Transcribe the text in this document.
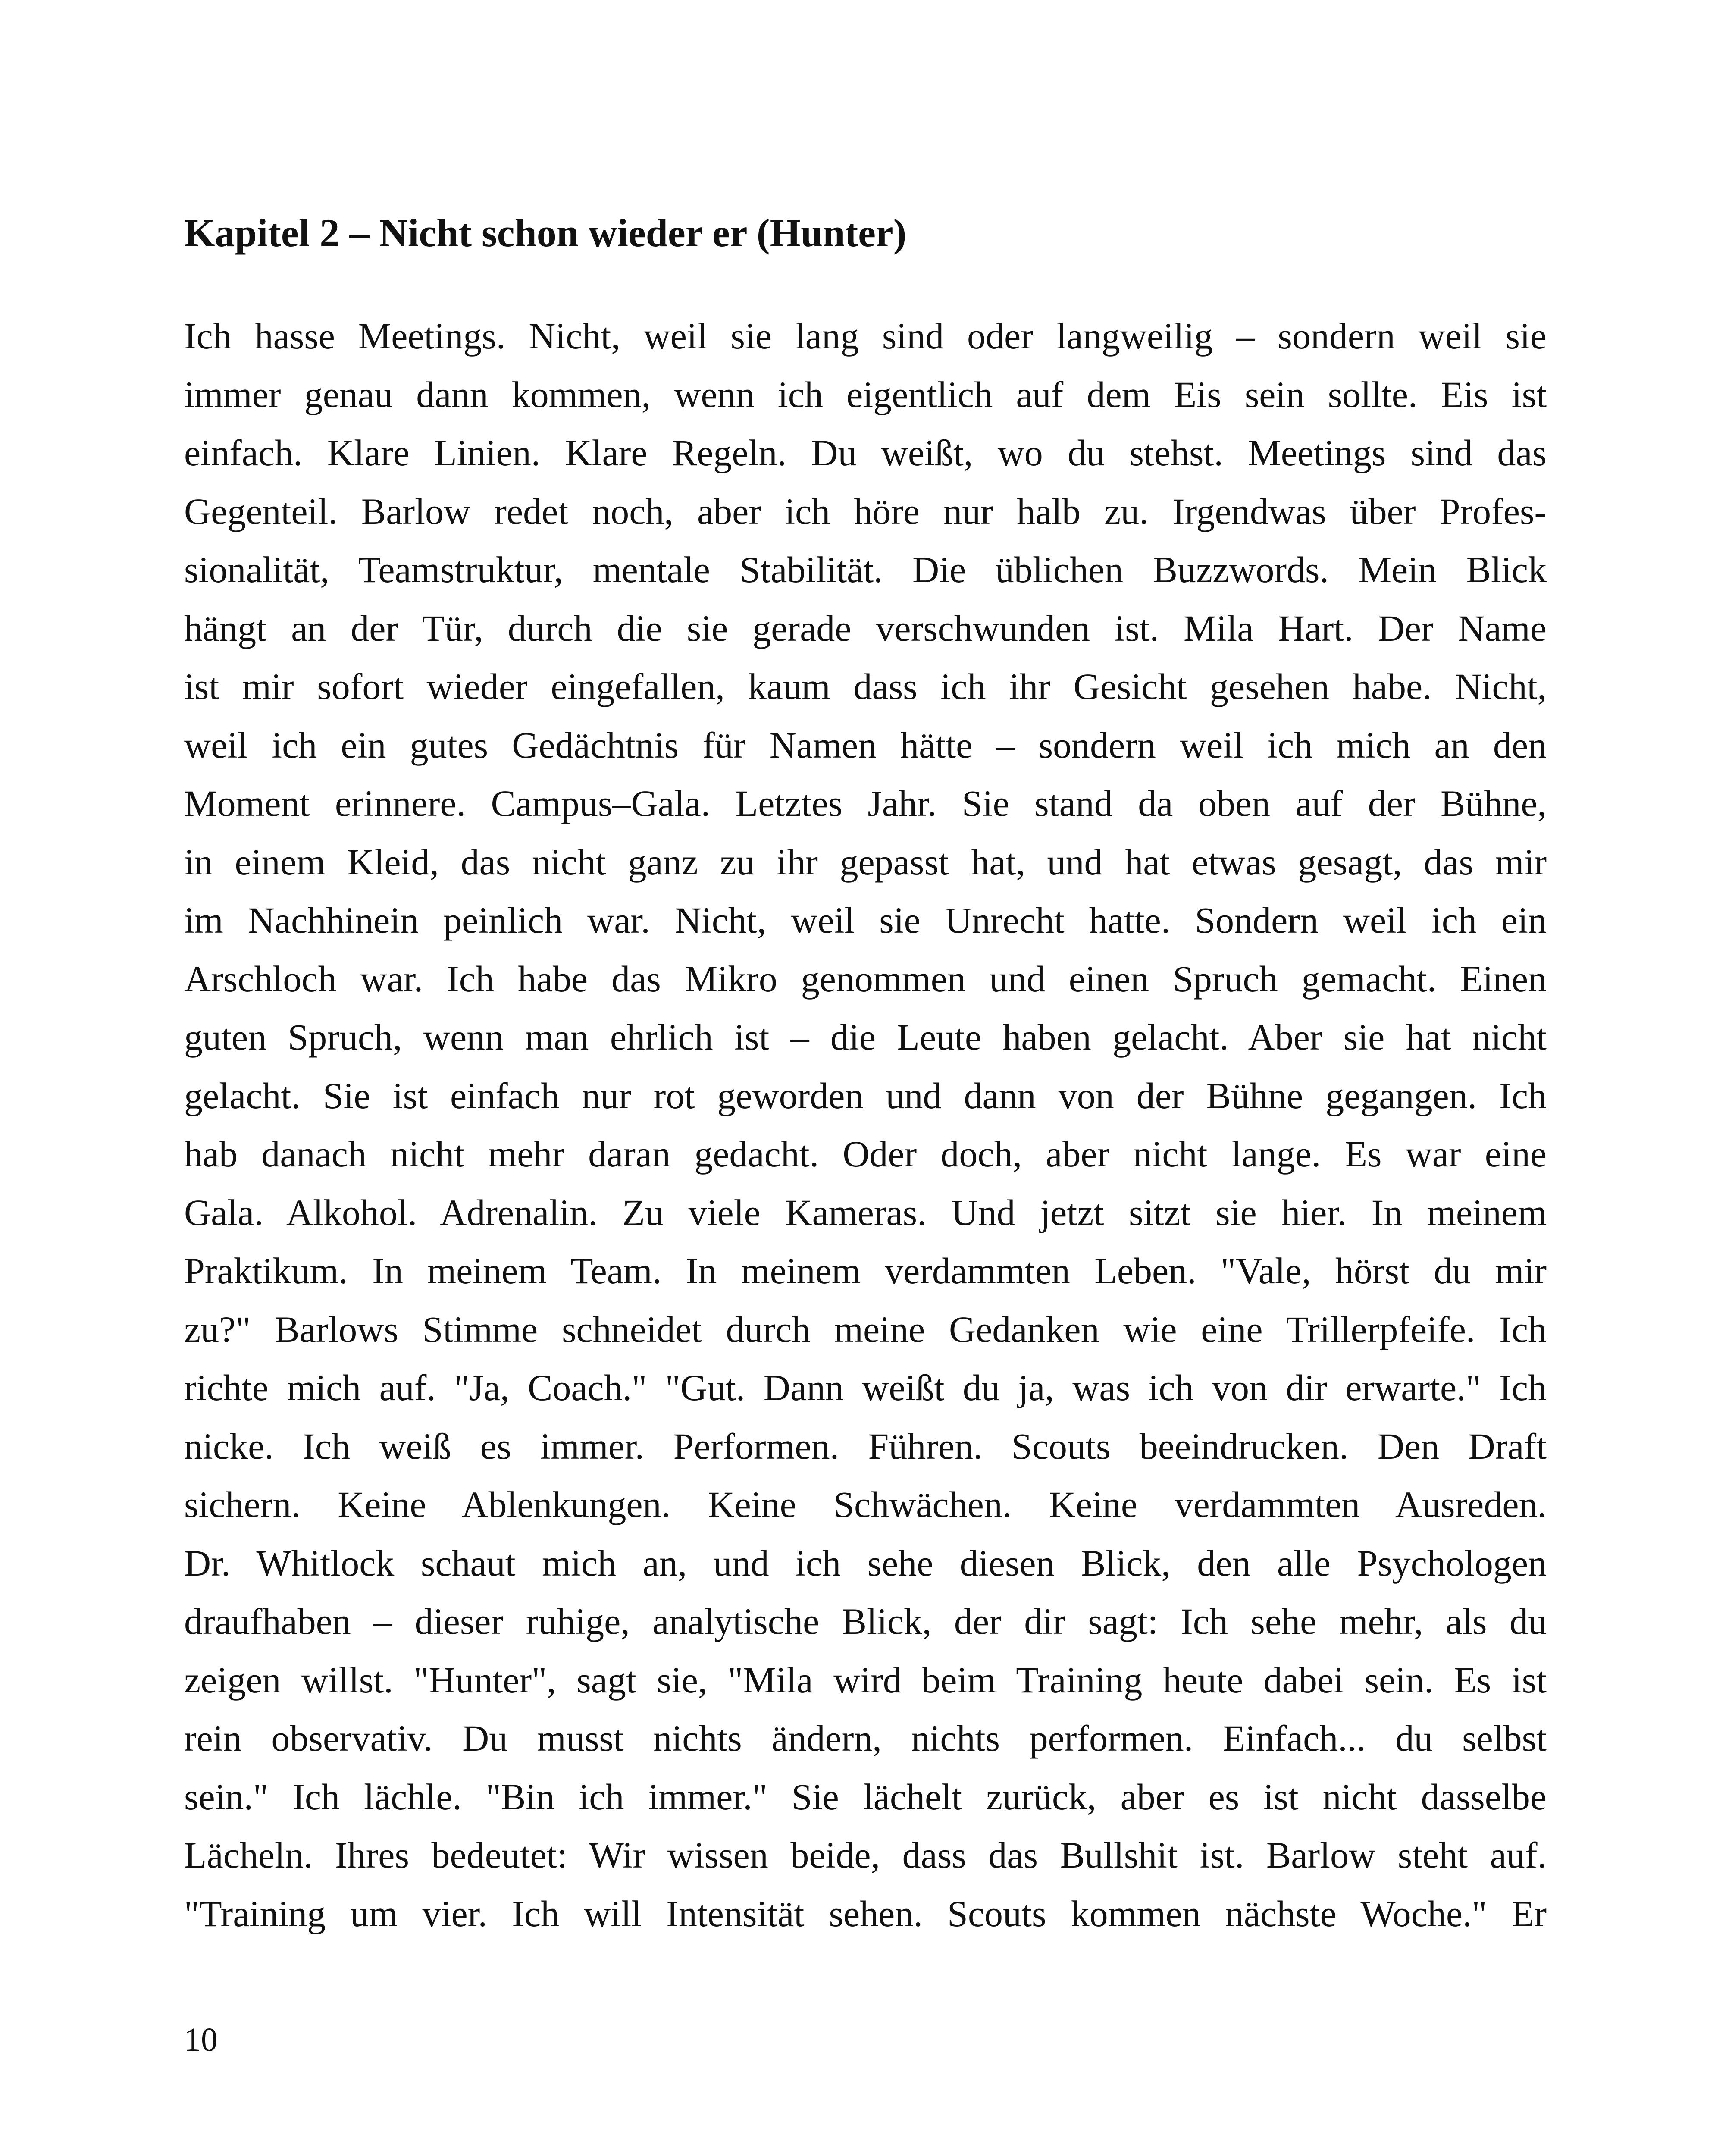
Kapitel 2 – Nicht schon wieder er (Hunter)
Ich hasse Meetings. Nicht, weil sie lang sind oder langweilig – sondern weil sie
immer genau dann kommen, wenn ich eigentlich auf dem Eis sein sollte. Eis ist
einfach. Klare Linien. Klare Regeln. Du weißt, wo du stehst. Meetings sind das
Gegenteil. Barlow redet noch, aber ich höre nur halb zu. Irgendwas über Profes-
sionalität, Teamstruktur, mentale Stabilität. Die üblichen Buzzwords. Mein Blick
hängt an der Tür, durch die sie gerade verschwunden ist. Mila Hart. Der Name
ist mir sofort wieder eingefallen, kaum dass ich ihr Gesicht gesehen habe. Nicht,
weil ich ein gutes Gedächtnis für Namen hätte – sondern weil ich mich an den
Moment erinnere. Campus–Gala. Letztes Jahr. Sie stand da oben auf der Bühne,
in einem Kleid, das nicht ganz zu ihr gepasst hat, und hat etwas gesagt, das mir
im Nachhinein peinlich war. Nicht, weil sie Unrecht hatte. Sondern weil ich ein
Arschloch war. Ich habe das Mikro genommen und einen Spruch gemacht. Einen
guten Spruch, wenn man ehrlich ist – die Leute haben gelacht. Aber sie hat nicht
gelacht. Sie ist einfach nur rot geworden und dann von der Bühne gegangen. Ich
hab danach nicht mehr daran gedacht. Oder doch, aber nicht lange. Es war eine
Gala. Alkohol. Adrenalin. Zu viele Kameras. Und jetzt sitzt sie hier. In meinem
Praktikum. In meinem Team. In meinem verdammten Leben. "Vale, hörst du mir
zu?" Barlows Stimme schneidet durch meine Gedanken wie eine Trillerpfeife. Ich
richte mich auf. "Ja, Coach." "Gut. Dann weißt du ja, was ich von dir erwarte." Ich
nicke. Ich weiß es immer. Performen. Führen. Scouts beeindrucken. Den Draft
sichern. Keine Ablenkungen. Keine Schwächen. Keine verdammten Ausreden.
Dr. Whitlock schaut mich an, und ich sehe diesen Blick, den alle Psychologen
draufhaben – dieser ruhige, analytische Blick, der dir sagt: Ich sehe mehr, als du
zeigen willst. "Hunter", sagt sie, "Mila wird beim Training heute dabei sein. Es ist
rein observativ. Du musst nichts ändern, nichts performen. Einfach... du selbst
sein." Ich lächle. "Bin ich immer." Sie lächelt zurück, aber es ist nicht dasselbe
Lächeln. Ihres bedeutet: Wir wissen beide, dass das Bullshit ist. Barlow steht auf.
"Training um vier. Ich will Intensität sehen. Scouts kommen nächste Woche." Er
10
